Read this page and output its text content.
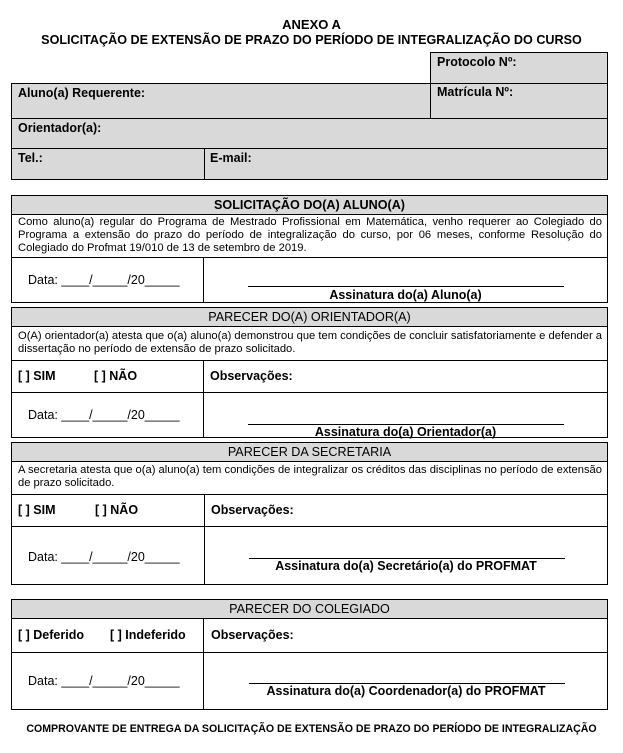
ANEXO A
SOLICITAÇÃO DE EXTENSÃO DE PRAZO DO PERÍODO DE INTEGRALIZAÇÃO DO CURSO
Protocolo Nº:
Aluno(a) Requerente:	Matrícula Nº:
Orientador(a):
Tel.:	E-mail:
SOLICITAÇÃO DO(A) ALUNO(A)
Como aluno(a) regular do Programa de Mestrado Profissional em Matemática, venho requerer ao Colegiado do Programa a extensão do prazo do período de integralização do curso, por 06 meses, conforme Resolução do Colegiado do Profmat 19/010 de 13 de setembro de 2019.
Data: ____/_____/20_____
Assinatura do(a) Aluno(a)
PARECER DO(A) ORIENTADOR(A)
O(A) orientador(a) atesta que o(a) aluno(a) demonstrou que tem condições de concluir satisfatoriamente e defender a dissertação no período de extensão de prazo solicitado.
[ ] SIM	[ ] NÃO	Observações:
Data: ____/_____/20_____
Assinatura do(a) Orientador(a)
PARECER DA SECRETARIA
A secretaria atesta que o(a) aluno(a) tem condições de integralizar os créditos das disciplinas no período de extensão de prazo solicitado.
[ ] SIM	[ ] NÃO	Observações:
Data: ____/_____/20_____
Assinatura do(a) Secretário(a) do PROFMAT
PARECER DO COLEGIADO
[ ] Deferido [ ] Indeferido Observações:
Data: ____/_____/20_____
Assinatura do(a) Coordenador(a) do PROFMAT
COMPROVANTE DE ENTREGA DA SOLICITAÇÃO DE EXTENSÃO DE PRAZO DO PERÍODO DE INTEGRALIZAÇÃO
